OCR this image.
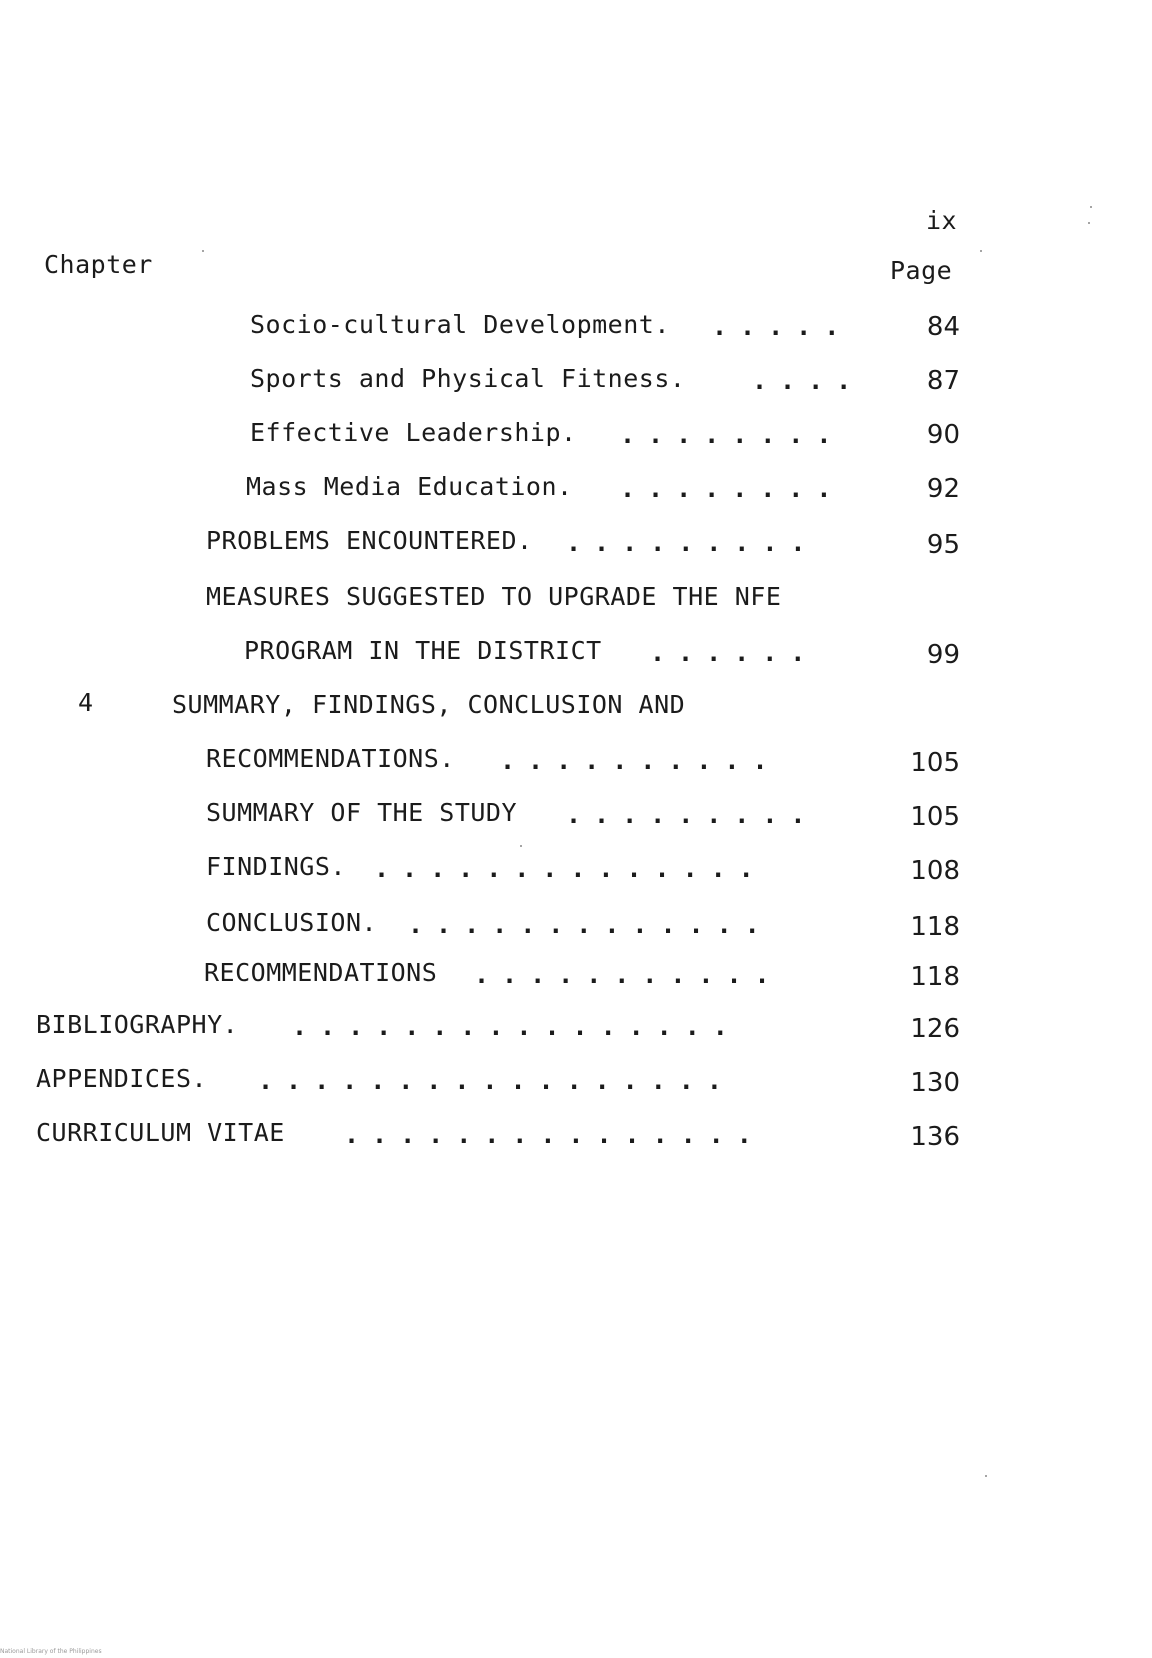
ix
Chapter	Page
Socio-cultural Development. .....	84
Sports and Physical Fitness.	....	87
Effective Leadership. ........	90
Mass Media Education. ........	92
PROBLEMS ENCOUNTERED. .........	95
MEASURES SUGGESTED TO UPGRADE THE NFE
PROGRAM IN THE DISTRICT ......	99
4	SUMMARY, FINDINGS, CONCLUSION AND
RECOMMENDATIONS. ..........	105
SUMMARY OF THE STUDY .........	105
FINDINGS. ..............	108
CONCLUSION. .............	118
RECOMMENDATIONS ...........	118
BIBLIOGRAPHY. ................	126
APPENDICES. .................	130
CURRICULUM VITAE ...............	136
National Library of the Philippines
